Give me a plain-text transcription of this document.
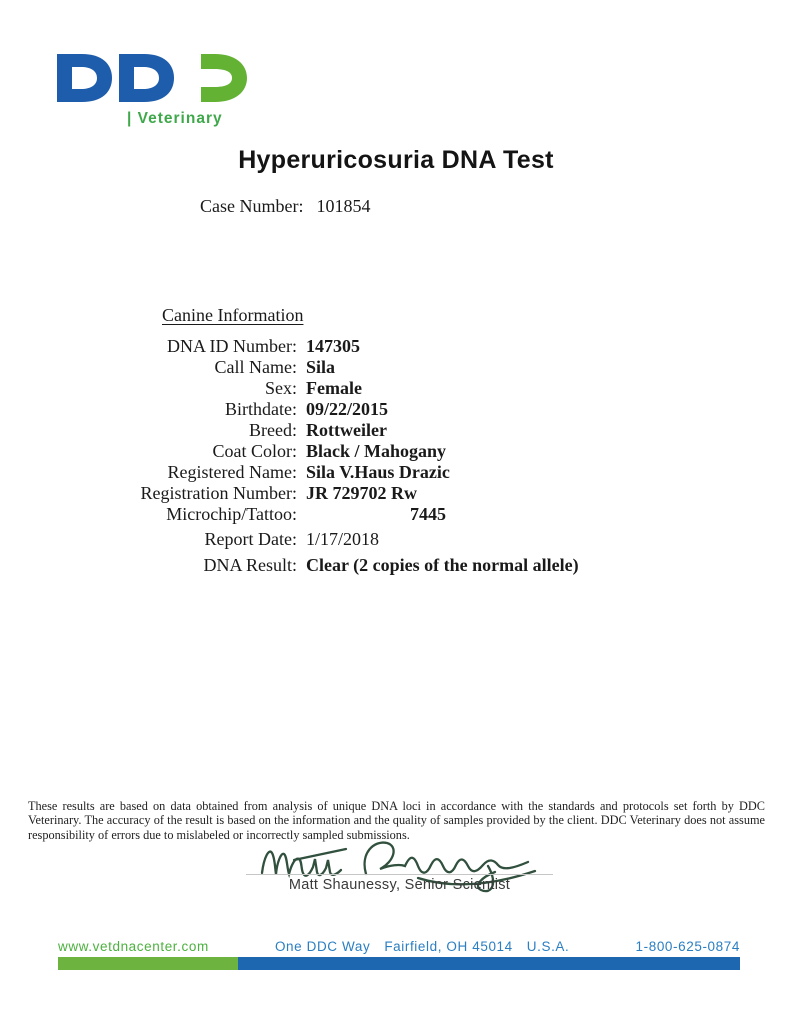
| Veterinary
Hyperuricosuria DNA Test
Case Number: 101854
Canine Information
DNA ID Number: 147305
Call Name: Sila
Sex: Female
Birthdate: 09/22/2015
Breed: Rottweiler
Coat Color: Black / Mahogany
Registered Name: Sila V.Haus Drazic
Registration Number: JR 729702 Rw
Microchip/Tattoo:	7445
Report Date: 1/17/2018
DNA Result: Clear (2 copies of the normal allele)
These results are based on data obtained from analysis of unique DNA loci in accordance with the standards and protocols set forth by DDC Veterinary. The accuracy of the result is based on the information and the quality of samples provided by the client. DDC Veterinary does not assume responsibility of errors due to mislabeled or incorrectly sampled submissions.
Matt Shaunessy, Senior Scientist
www.vetdnacenter.com	One DDC Way Fairfield, OH 45014 U.S.A.	1-800-625-0874
